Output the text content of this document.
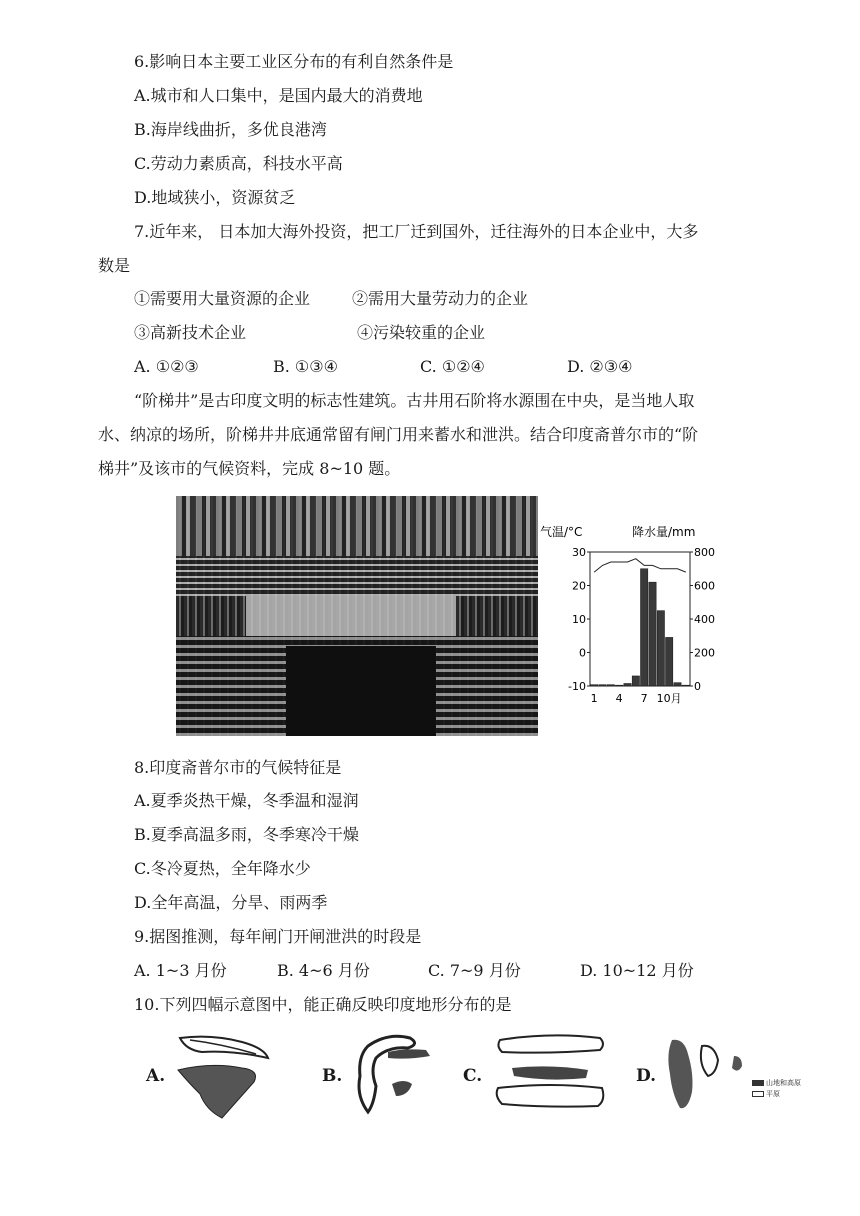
6.影响日本主要工业区分布的有利自然条件是
A.城市和人口集中，是国内最大的消费地
B.海岸线曲折，多优良港湾
C.劳动力素质高，科技水平高
D.地域狭小，资源贫乏
7.近年来， 日本加大海外投资，把工厂迁到国外，迁往海外的日本企业中，大多
数是
①需要用大量资源的企业	②需用大量劳动力的企业
③高新技术企业	④污染较重的企业
A. ①②③	B. ①③④	C. ①②④	D. ②③④
“阶梯井”是古印度文明的标志性建筑。古井用石阶将水源围在中央，是当地人取
水、纳凉的场所，阶梯井井底通常留有闸门用来蓄水和泄洪。结合印度斋普尔市的“阶
梯井”及该市的气候资料，完成 8~10 题。
气温/°C	降水量/mm
30
20
10
0
-10
800
600
400
200
0
1 4 7 10月
8.印度斋普尔市的气候特征是
A.夏季炎热干燥，冬季温和湿润
B.夏季高温多雨，冬季寒冷干燥
C.冬冷夏热，全年降水少
D.全年高温，分旱、雨两季
9.据图推测，每年闸门开闸泄洪的时段是
A. 1~3 月份	B. 4~6 月份	C. 7~9 月份	D. 10~12 月份
10.下列四幅示意图中，能正确反映印度地形分布的是
A.	B.	C.	D.	山地和高原
平原
